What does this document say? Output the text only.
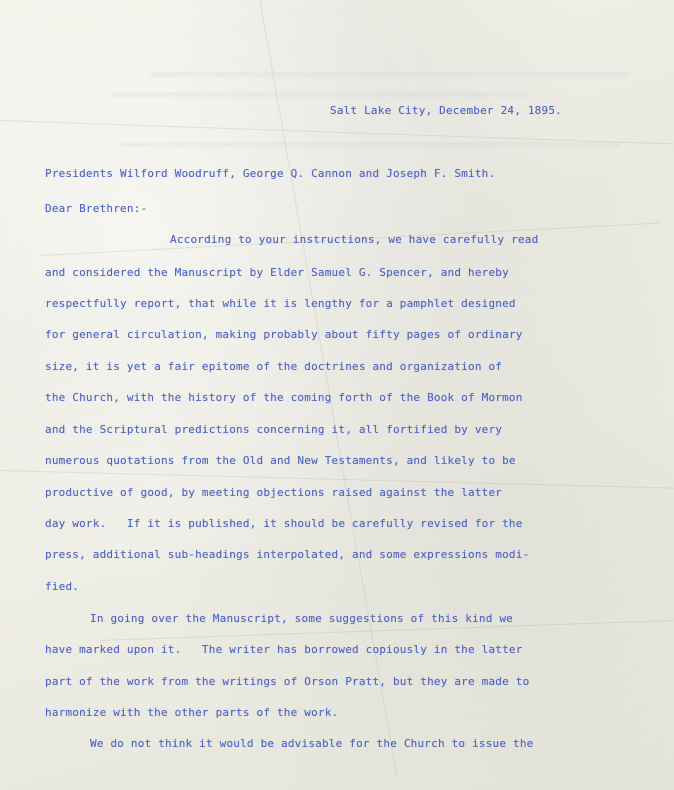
Salt Lake City, December 24, 1895.
Presidents Wilford Woodruff, George Q. Cannon and Joseph F. Smith.
Dear Brethren:-
According to your instructions, we have carefully read
and considered the Manuscript by Elder Samuel G. Spencer, and hereby
respectfully report, that while it is lengthy for a pamphlet designed
for general circulation, making probably about fifty pages of ordinary
size, it is yet a fair epitome of the doctrines and organization of
the Church, with the history of the coming forth of the Book of Mormon
and the Scriptural predictions concerning it, all fortified by very
numerous quotations from the Old and New Testaments, and likely to be
productive of good, by meeting objections raised against the latter
day work.   If it is published, it should be carefully revised for the
press, additional sub-headings interpolated, and some expressions modi-
fied.
In going over the Manuscript, some suggestions of this kind we
have marked upon it.   The writer has borrowed copiously in the latter
part of the work from the writings of Orson Pratt, but they are made to
harmonize with the other parts of the work.
We do not think it would be advisable for the Church to issue the
